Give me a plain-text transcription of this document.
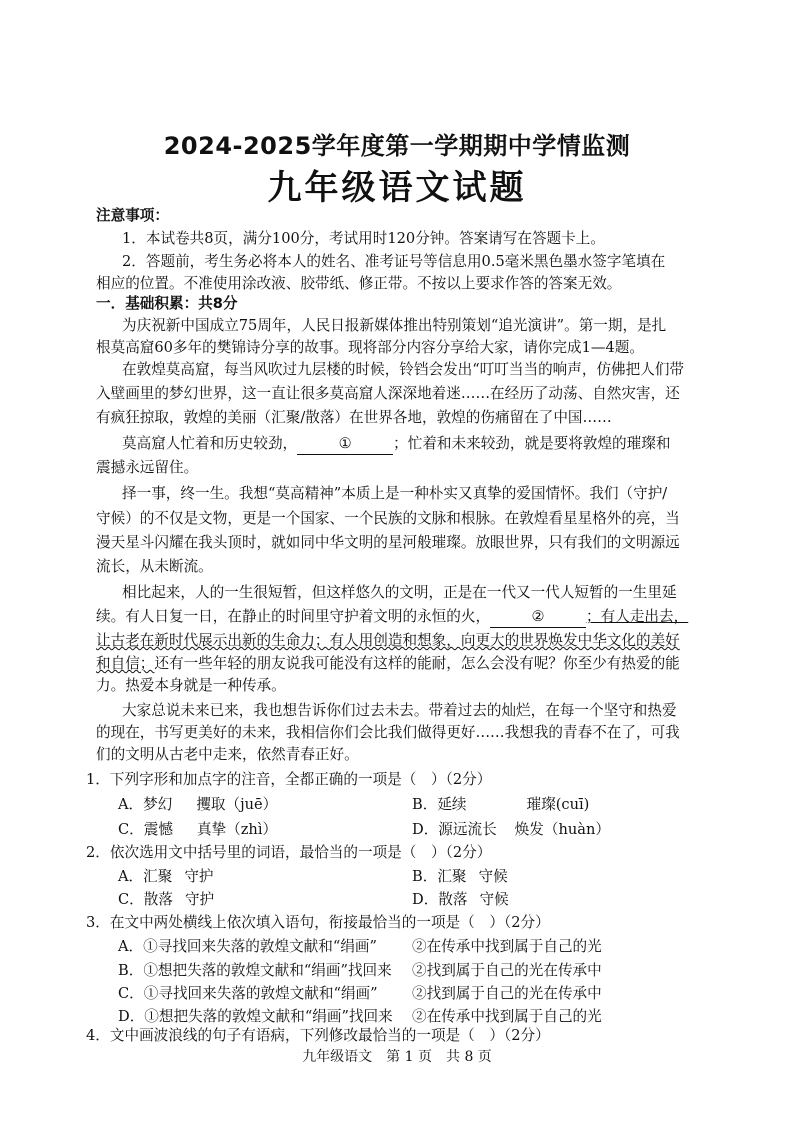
2024-2025学年度第一学期期中学情监测
九年级语文试题
注意事项：
1．本试卷共8页，满分100分，考试用时120分钟。答案请写在答题卡上。
2．答题前，考生务必将本人的姓名、准考证号等信息用0.5毫米黑色墨水签字笔填在
相应的位置。不准使用涂改液、胶带纸、修正带。不按以上要求作答的答案无效。
一．基础积累：共8分
为庆祝新中国成立75周年，人民日报新媒体推出特别策划“追光演讲”。第一期，是扎
根莫高窟60多年的樊锦诗分享的故事。现将部分内容分享给大家，请你完成1—4题。
在敦煌莫高窟，每当风吹过九层楼的时候，铃铛会发出“叮叮当当的响声，仿佛把人们带
入壁画里的梦幻世界，这一直让很多莫高窟人深深地着迷……在经历了动荡、自然灾害，还
有疯狂掠取，敦煌的美丽（汇聚/散落）在世界各地，敦煌的伤痛留在了中国……
莫高窟人忙着和历史较劲，	①	；忙着和未来较劲，就是要将敦煌的璀璨和
震撼永远留住。
择一事，终一生。我想“莫高精神”本质上是一种朴实又真挚的爱国情怀。我们（守护/
守候）的不仅是文物，更是一个国家、一个民族的文脉和根脉。在敦煌看星星格外的亮，当
漫天星斗闪耀在我头顶时，就如同中华文明的星河般璀璨。放眼世界，只有我们的文明源远
流长，从未断流。
相比起来，人的一生很短暂，但这样悠久的文明，正是在一代又一代人短暂的一生里延
续。有人日复一日，在静止的时间里守护着文明的永恒的火，	②	；有人走出去，
让古老在新时代展示出新的生命力；有人用创造和想象，向更大的世界焕发中华文化的美好
和自信；还有一些年轻的朋友说我可能没有这样的能耐，怎么会没有呢？你至少有热爱的能
力。热爱本身就是一种传承。
大家总说未来已来，我也想告诉你们过去未去。带着过去的灿烂，在每一个坚守和热爱
的现在，书写更美好的未来，我相信你们会比我们做得更好……我想我的青春不在了，可我
们的文明从古老中走来，依然青春正好。
1．下列字形和加点字的注音，全都正确的一项是（　）（2分）
A．梦幻 攫取（juē）	B．延续	璀璨(cuī)
C．震憾 真挚（zhì）	D．源远流长 焕发（huàn）
2．依次选用文中括号里的词语，最恰当的一项是（　）（2分）
A．汇聚 守护	B．汇聚 守候
C．散落 守护	D．散落 守候
3．在文中两处横线上依次填入语句，衔接最恰当的一项是（　）（2分）
A．①寻找回来失落的敦煌文献和“绢画” ②在传承中找到属于自己的光
B．①想把失落的敦煌文献和“绢画”找回来 ②找到属于自己的光在传承中
C．①寻找回来失落的敦煌文献和“绢画” ②找到属于自己的光在传承中
D．①想把失落的敦煌文献和“绢画”找回来 ②在传承中找到属于自己的光
4．文中画波浪线的句子有语病，下列修改最恰当的一项是（　）（2分）
九年级语文　第 1 页　共 8 页
